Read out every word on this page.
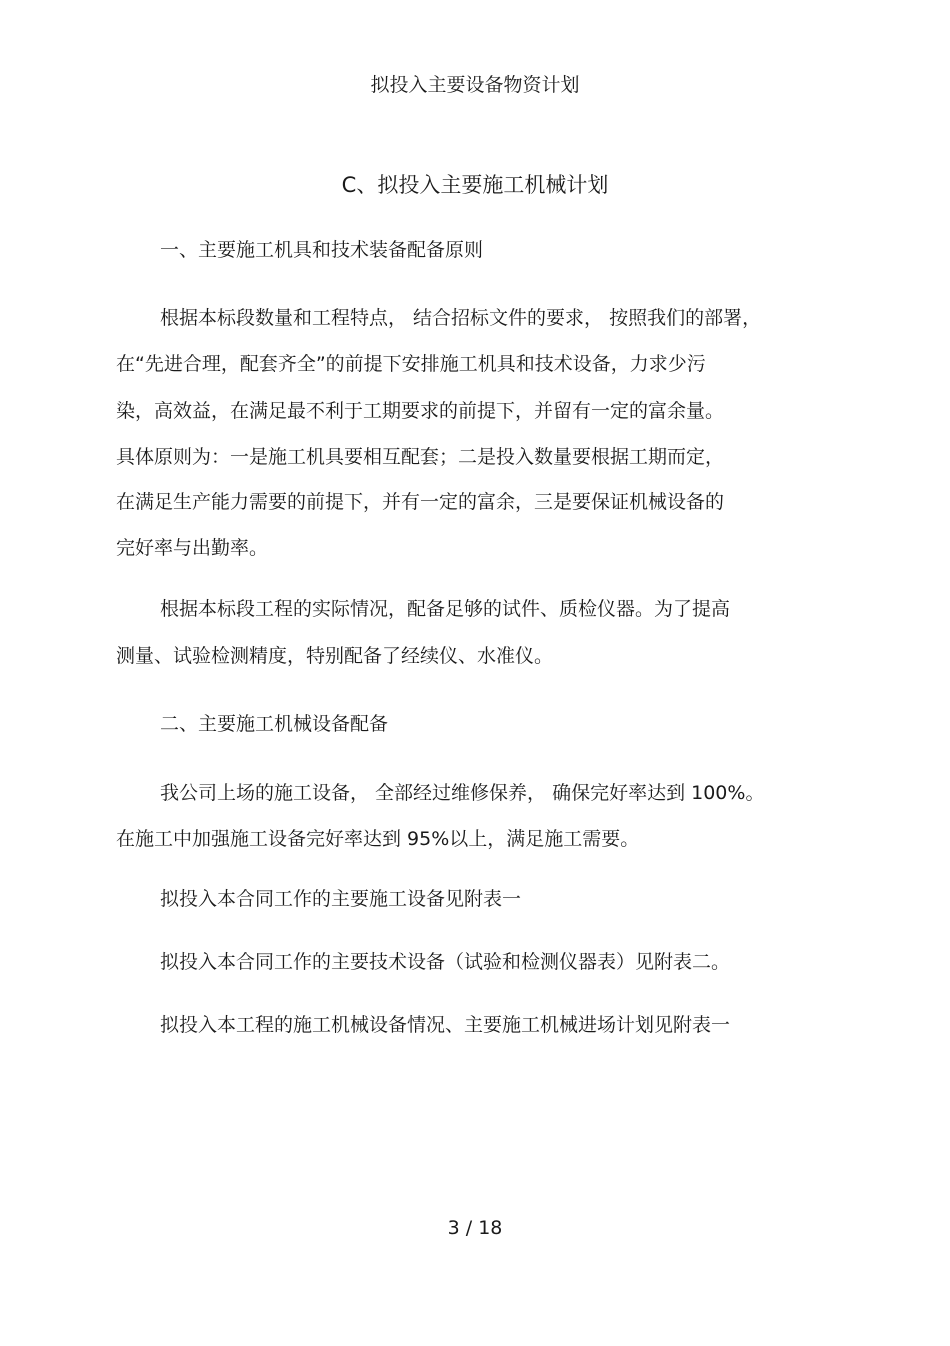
拟投入主要设备物资计划
C、拟投入主要施工机械计划
一、主要施工机具和技术装备配备原则
根据本标段数量和工程特点， 结合招标文件的要求， 按照我们的部署，
在“先进合理，配套齐全”的前提下安排施工机具和技术设备，力求少污
染，高效益，在满足最不利于工期要求的前提下，并留有一定的富余量。
具体原则为：一是施工机具要相互配套；二是投入数量要根据工期而定，
在满足生产能力需要的前提下，并有一定的富余，三是要保证机械设备的
完好率与出勤率。
根据本标段工程的实际情况，配备足够的试件、质检仪器。为了提高
测量、试验检测精度，特别配备了经续仪、水准仪。
二、主要施工机械设备配备
我公司上场的施工设备， 全部经过维修保养， 确保完好率达到 100%。
在施工中加强施工设备完好率达到 95%以上，满足施工需要。
拟投入本合同工作的主要施工设备见附表一
拟投入本合同工作的主要技术设备（试验和检测仪器表）见附表二。
拟投入本工程的施工机械设备情况、主要施工机械进场计划见附表一
3 / 18
